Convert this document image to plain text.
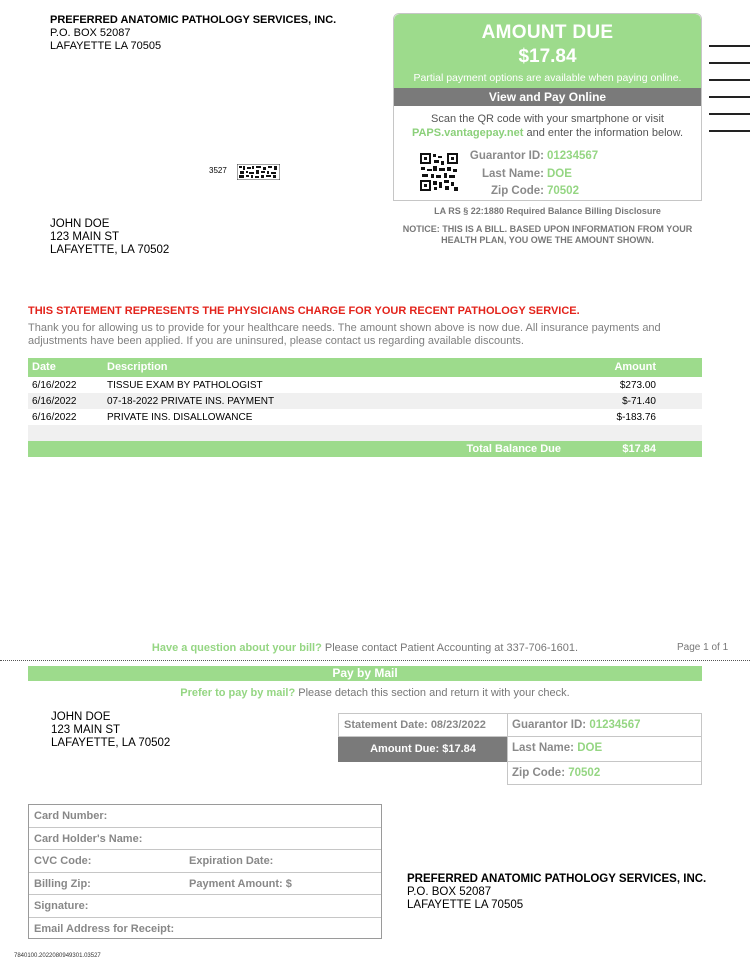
PREFERRED ANATOMIC PATHOLOGY SERVICES, INC.
P.O. BOX 52087
LAFAYETTE LA 70505
AMOUNT DUE
$17.84
Partial payment options are available when paying online.
View and Pay Online
Scan the QR code with your smartphone or visit
PAPS.vantagepay.net and enter the information below.
Guarantor ID: 01234567
Last Name: DOE
Zip Code: 70502
3527
LA RS § 22:1880 Required Balance Billing Disclosure
NOTICE: THIS IS A BILL. BASED UPON INFORMATION FROM YOUR
HEALTH PLAN, YOU OWE THE AMOUNT SHOWN.
JOHN DOE
123 MAIN ST
LAFAYETTE, LA 70502
THIS STATEMENT REPRESENTS THE PHYSICIANS CHARGE FOR YOUR RECENT PATHOLOGY SERVICE.
Thank you for allowing us to provide for your healthcare needs. The amount shown above is now due. All insurance payments and adjustments have been applied. If you are uninsured, please contact us regarding available discounts.
Date	Description	Amount
6/16/2022	TISSUE EXAM BY PATHOLOGIST	$273.00
6/16/2022	07-18-2022 PRIVATE INS. PAYMENT	$-71.40
6/16/2022	PRIVATE INS. DISALLOWANCE	$-183.76
Total Balance Due	$17.84
Have a question about your bill? Please contact Patient Accounting at 337-706-1601.	Page 1 of 1
Pay by Mail
Prefer to pay by mail? Please detach this section and return it with your check.
JOHN DOE
123 MAIN ST
LAFAYETTE, LA 70502
Statement Date: 08/23/2022
Amount Due: $17.84
Guarantor ID: 01234567
Last Name: DOE
Zip Code: 70502
Card Number:
Card Holder's Name:
CVC Code:	Expiration Date:
Billing Zip:	Payment Amount: $
Signature:
Email Address for Receipt:
PREFERRED ANATOMIC PATHOLOGY SERVICES, INC.
P.O. BOX 52087
LAFAYETTE LA 70505
7840100.2022080949301.03527
